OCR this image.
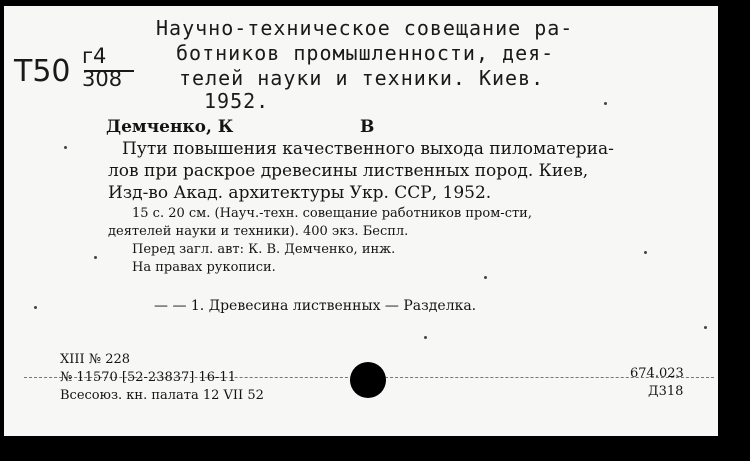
Т50 г4
308
Научно-техническое совещание ра-
ботников промышленности, дея-
телей науки и техники. Киев.
1952.
Демченко, К	В
Пути повышения качественного выхода пиломатериа-
лов при раскрое древесины лиственных пород. Киев,
Изд-во Акад. архитектуры Укр. ССР, 1952.
15 с. 20 см. (Науч.-техн. совещание работников пром-сти,
деятелей науки и техники). 400 экз. Беспл.
Перед загл. авт: К. В. Демченко, инж.
На правах рукописи.
— — 1. Древесина лиственных — Разделка.
XIII № 228
№ 11570 [52-23837] 16-11
Всесоюз. кн. палата 12 VII 52
674.023
Д318
